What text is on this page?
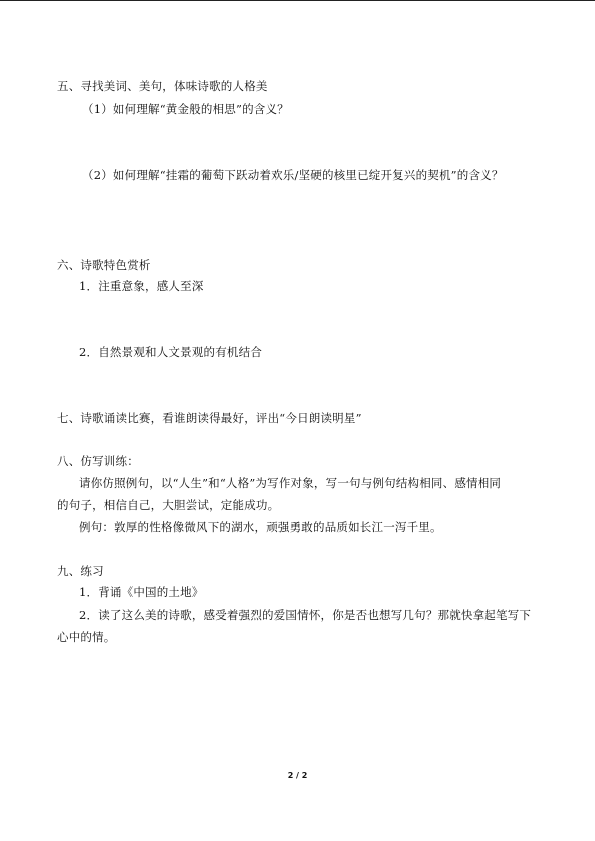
五、寻找美词、美句，体味诗歌的人格美
（1）如何理解“黄金般的相思”的含义？
（2）如何理解“挂霜的葡萄下跃动着欢乐/坚硬的核里已绽开复兴的契机”的含义？
六、诗歌特色赏析
1．注重意象，感人至深
2．自然景观和人文景观的有机结合
七、诗歌诵读比赛，看谁朗读得最好，评出“今日朗读明星”
八、仿写训练：
请你仿照例句，以“人生”和“人格”为写作对象，写一句与例句结构相同、感情相同
的句子，相信自己，大胆尝试，定能成功。
例句：敦厚的性格像微风下的湖水，顽强勇敢的品质如长江一泻千里。
九、练习
1．背诵《中国的土地》
2．读了这么美的诗歌，感受着强烈的爱国情怀，你是否也想写几句？那就快拿起笔写下
心中的情。
2 / 2
